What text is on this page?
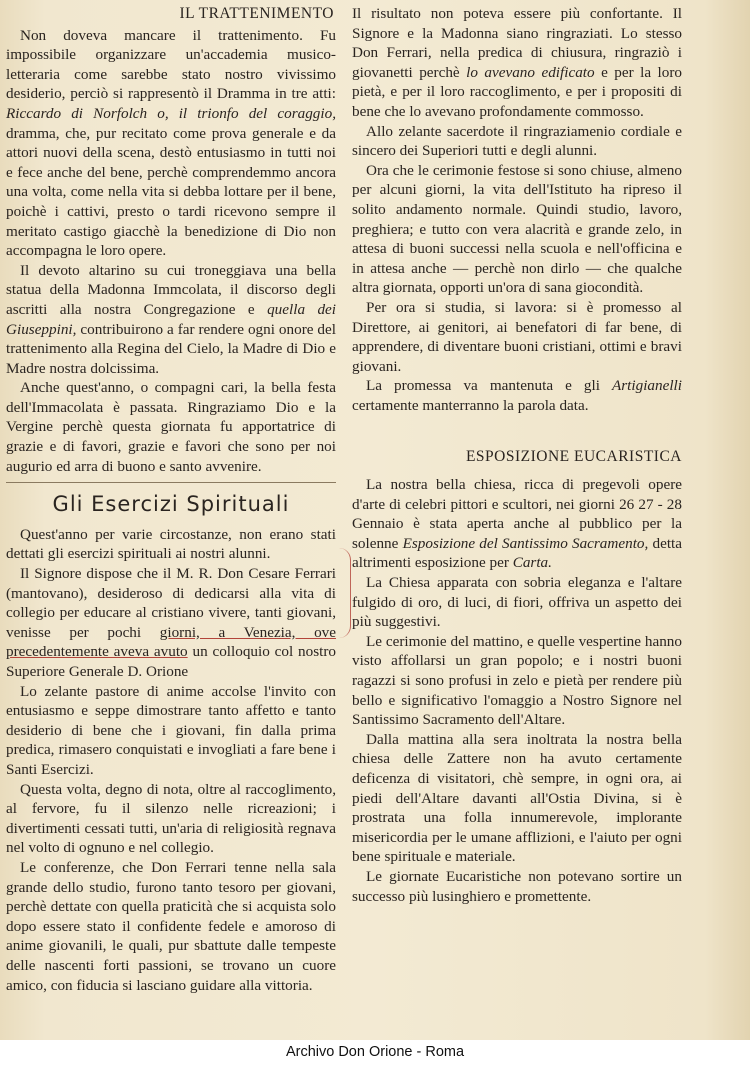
IL TRATTENIMENTO

Non doveva mancare il trattenimento. Fu impossibile organizzare un'accademia musico-letteraria come sarebbe stato nostro vivissimo desiderio, perciò si rappresentò il Dramma in tre atti: Riccardo di Norfolch o, il trionfo del coraggio, dramma, che, pur recitato come prova generale e da attori nuovi della scena, destò entusiasmo in tutti noi e fece anche del bene, perchè comprendemmo ancora una volta, come nella vita si debba lottare per il bene, poichè i cattivi, presto o tardi ricevono sempre il meritato castigo giacchè la benedizione di Dio non accompagna le loro opere.

Il devoto altarino su cui troneggiava una bella statua della Madonna Immcolata, il discorso degli ascritti alla nostra Congregazione e quella dei Giuseppini, contribuirono a far rendere ogni onore del trattenimento alla Regina del Cielo, la Madre di Dio e Madre nostra dolcissima.

Anche quest'anno, o compagni cari, la bella festa dell'Immacolata è passata. Ringraziamo Dio e la Vergine perchè questa giornata fu apportatrice di grazie e di favori, grazie e favori che sono per noi augurio ed arra di buono e santo avvenire.

Gli Esercizi Spirituali

Quest'anno per varie circostanze, non erano stati dettati gli esercizi spirituali ai nostri alunni.

Il Signore dispose che il M. R. Don Cesare Ferrari (mantovano), desideroso di dedicarsi alla vita di collegio per educare al cristiano vivere, tanti giovani, venisse per pochi giorni, a Venezia, ove precedentemente aveva avuto un colloquio col nostro Superiore Generale D. Orione

Lo zelante pastore di anime accolse l'invito con entusiasmo e seppe dimostrare tanto affetto e tanto desiderio di bene che i giovani, fin dalla prima predica, rimasero conquistati e invogliati a fare bene i Santi Esercizi.

Questa volta, degno di nota, oltre al raccoglimento, al fervore, fu il silenzo nelle ricreazioni; i divertimenti cessati tutti, un'aria di religiosità regnava nel volto di ognuno e nel collegio.

Le conferenze, che Don Ferrari tenne nella sala grande dello studio, furono tanto tesoro per giovani, perchè dettate con quella praticità che si acquista solo dopo essere stato il confidente fedele e amoroso di anime giovanili, le quali, pur sbattute dalle tempeste delle nascenti forti passioni, se trovano un cuore amico, con fiducia si lasciano guidare alla vittoria.

Il risultato non poteva essere più confortante. Il Signore e la Madonna siano ringraziati. Lo stesso Don Ferrari, nella predica di chiusura, ringraziò i giovanetti perchè lo avevano edificato e per la loro pietà, e per il loro raccoglimento, e per i propositi di bene che lo avevano profondamente commosso.

Allo zelante sacerdote il ringraziamenio cordiale e sincero dei Superiori tutti e degli alunni.

Ora che le cerimonie festose si sono chiuse, almeno per alcuni giorni, la vita dell'Istituto ha ripreso il solito andamento normale. Quindi studio, lavoro, preghiera; e tutto con vera alacrità e grande zelo, in attesa di buoni successi nella scuola e nell'officina e in attesa anche — perchè non dirlo — che qualche altra giornata, opporti un'ora di sana giocondità.

Per ora si studia, si lavora: si è promesso al Direttore, ai genitori, ai benefatori di far bene, di apprendere, di diventare buoni cristiani, ottimi e bravi giovani.

La promessa va mantenuta e gli Artigianelli certamente manterranno la parola data.

ESPOSIZIONE EUCARISTICA

La nostra bella chiesa, ricca di pregevoli opere d'arte di celebri pittori e scultori, nei giorni 26 27 - 28 Gennaio è stata aperta anche al pubblico per la solenne Esposizione del Santissimo Sacramento, detta altrimenti esposizione per Carta.

La Chiesa apparata con sobria eleganza e l'altare fulgido di oro, di luci, di fiori, offriva un aspetto dei più suggestivi.

Le cerimonie del mattino, e quelle vespertine hanno visto affollarsi un gran popolo; e i nostri buoni ragazzi si sono profusi in zelo e pietà per rendere più bello e significativo l'omaggio a Nostro Signore nel Santissimo Sacramento dell'Altare.

Dalla mattina alla sera inoltrata la nostra bella chiesa delle Zattere non ha avuto certamente deficenza di visitatori, chè sempre, in ogni ora, ai piedi dell'Altare davanti all'Ostia Divina, si è prostrata una folla innumerevole, implorante misericordia per le umane afflizioni, e l'aiuto per ogni bene spirituale e materiale.

Le giornate Eucaristiche non potevano sortire un successo più lusinghiero e promettente.

Archivo Don Orione - Roma
